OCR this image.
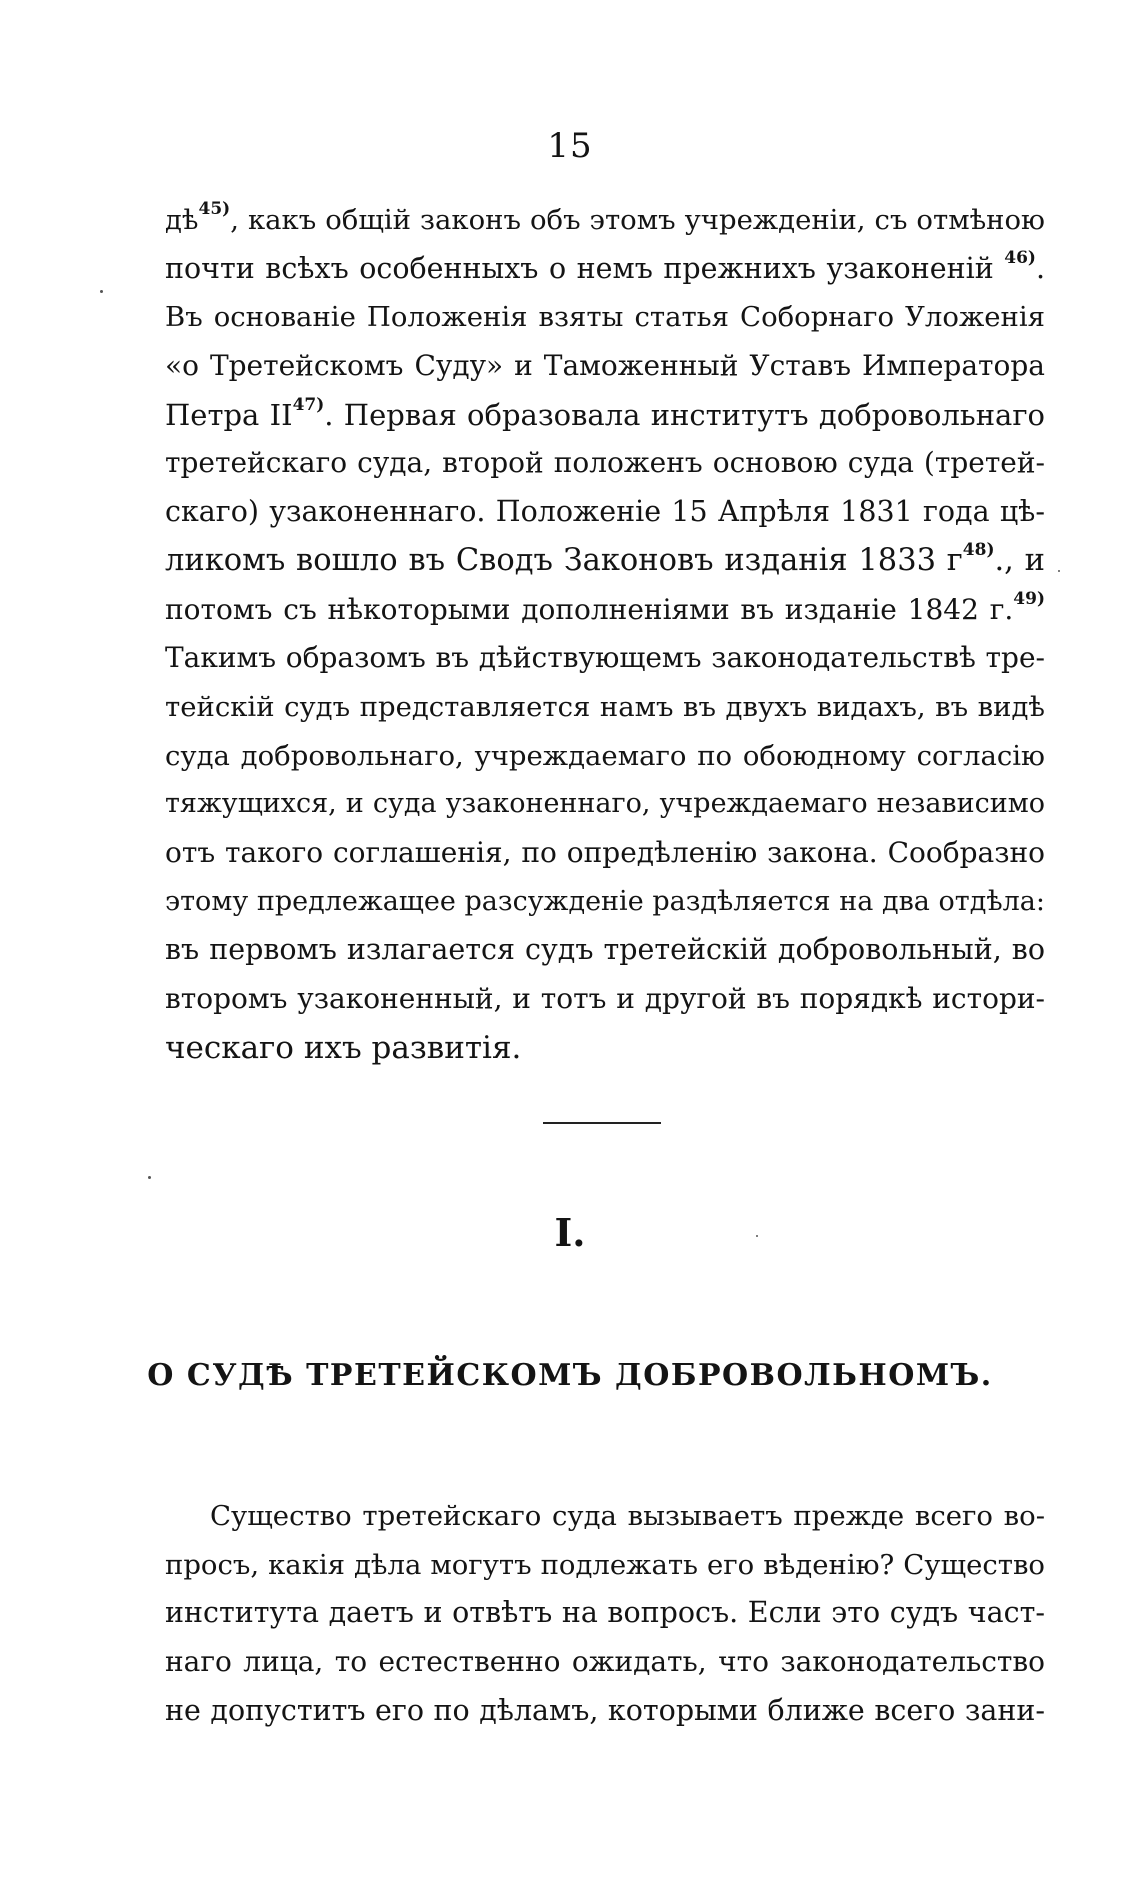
15
дѣ$^{45)}$, какъ общій законъ объ этомъ учрежденіи, съ отмѣною
почти всѣхъ особенныхъ о немъ прежнихъ узаконеній $^{46)}$.
Въ основаніе Положенія взяты статья Соборнаго Уложенія
«о Третейскомъ Суду» и Таможенный Уставъ Императора
Петра II$^{47)}$. Первая образовала институтъ добровольнаго
третейскаго суда, второй положенъ основою суда (третей-
скаго) узаконеннаго. Положеніе 15 Апрѣля 1831 года цѣ-
ликомъ вошло въ Сводъ Законовъ изданія 1833 г$^{48)}$., и
потомъ съ нѣкоторыми дополненіями въ изданіе 1842 г.$^{49)}$
Такимъ образомъ въ дѣйствующемъ законодательствѣ тре-
тейскій судъ представляется намъ въ двухъ видахъ, въ видѣ
суда добровольнаго, учреждаемаго по обоюдному согласію
тяжущихся, и суда узаконеннаго, учреждаемаго независимо
отъ такого соглашенія, по опредѣленію закона. Сообразно
этому предлежащее разсужденіе раздѣляется на два отдѣла:
въ первомъ излагается судъ третейскій добровольный, во
второмъ узаконенный, и тотъ и другой въ порядкѣ истори-
ческаго ихъ развитія.
I.
О СУДѢ ТРЕТЕЙСКОМЪ ДОБРОВОЛЬНОМЪ.
Существо третейскаго суда вызываетъ прежде всего во-
просъ, какія дѣла могутъ подлежать его вѣденію? Существо
института даетъ и отвѣтъ на вопросъ. Если это судъ част-
наго лица, то естественно ожидать, что законодательство
не допуститъ его по дѣламъ, которыми ближе всего зани-
